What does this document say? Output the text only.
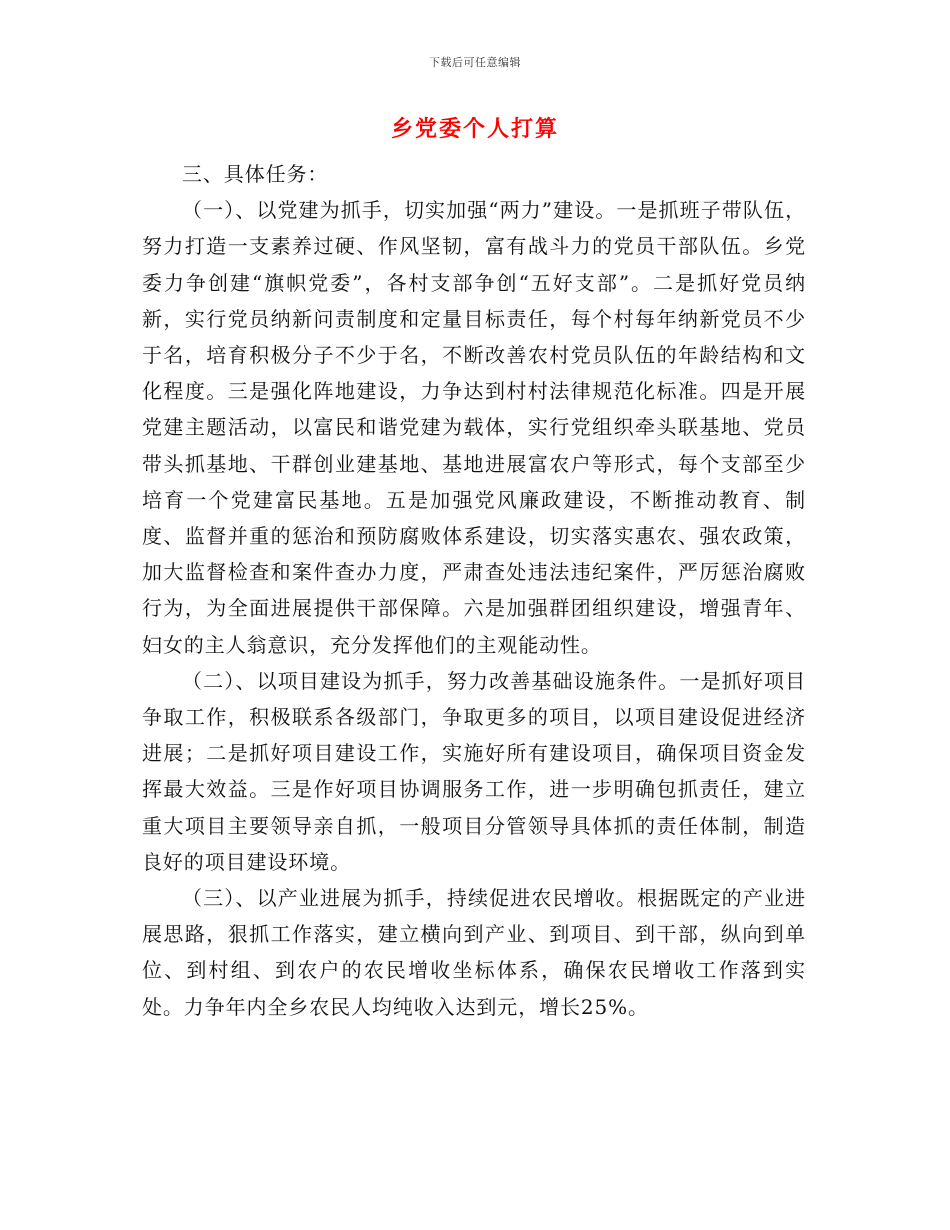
下载后可任意编辑
乡党委个人打算

三、具体任务：

（一）、以党建为抓手，切实加强“两力”建设。一是抓班子带队伍，努力打造一支素养过硬、作风坚韧，富有战斗力的党员干部队伍。乡党委力争创建“旗帜党委”，各村支部争创“五好支部”。二是抓好党员纳新，实行党员纳新问责制度和定量目标责任，每个村每年纳新党员不少于名，培育积极分子不少于名，不断改善农村党员队伍的年龄结构和文化程度。三是强化阵地建设，力争达到村村法律规范化标准。四是开展党建主题活动，以富民和谐党建为载体，实行党组织牵头联基地、党员带头抓基地、干群创业建基地、基地进展富农户等形式，每个支部至少培育一个党建富民基地。五是加强党风廉政建设，不断推动教育、制度、监督并重的惩治和预防腐败体系建设，切实落实惠农、强农政策，加大监督检查和案件查办力度，严肃查处违法违纪案件，严厉惩治腐败行为，为全面进展提供干部保障。六是加强群团组织建设，增强青年、妇女的主人翁意识，充分发挥他们的主观能动性。

（二）、以项目建设为抓手，努力改善基础设施条件。一是抓好项目争取工作，积极联系各级部门，争取更多的项目，以项目建设促进经济进展；二是抓好项目建设工作，实施好所有建设项目，确保项目资金发挥最大效益。三是作好项目协调服务工作，进一步明确包抓责任，建立重大项目主要领导亲自抓，一般项目分管领导具体抓的责任体制，制造良好的项目建设环境。

（三）、以产业进展为抓手，持续促进农民增收。根据既定的产业进展思路，狠抓工作落实，建立横向到产业、到项目、到干部，纵向到单位、到村组、到农户的农民增收坐标体系，确保农民增收工作落到实处。力争年内全乡农民人均纯收入达到元，增长25%。
